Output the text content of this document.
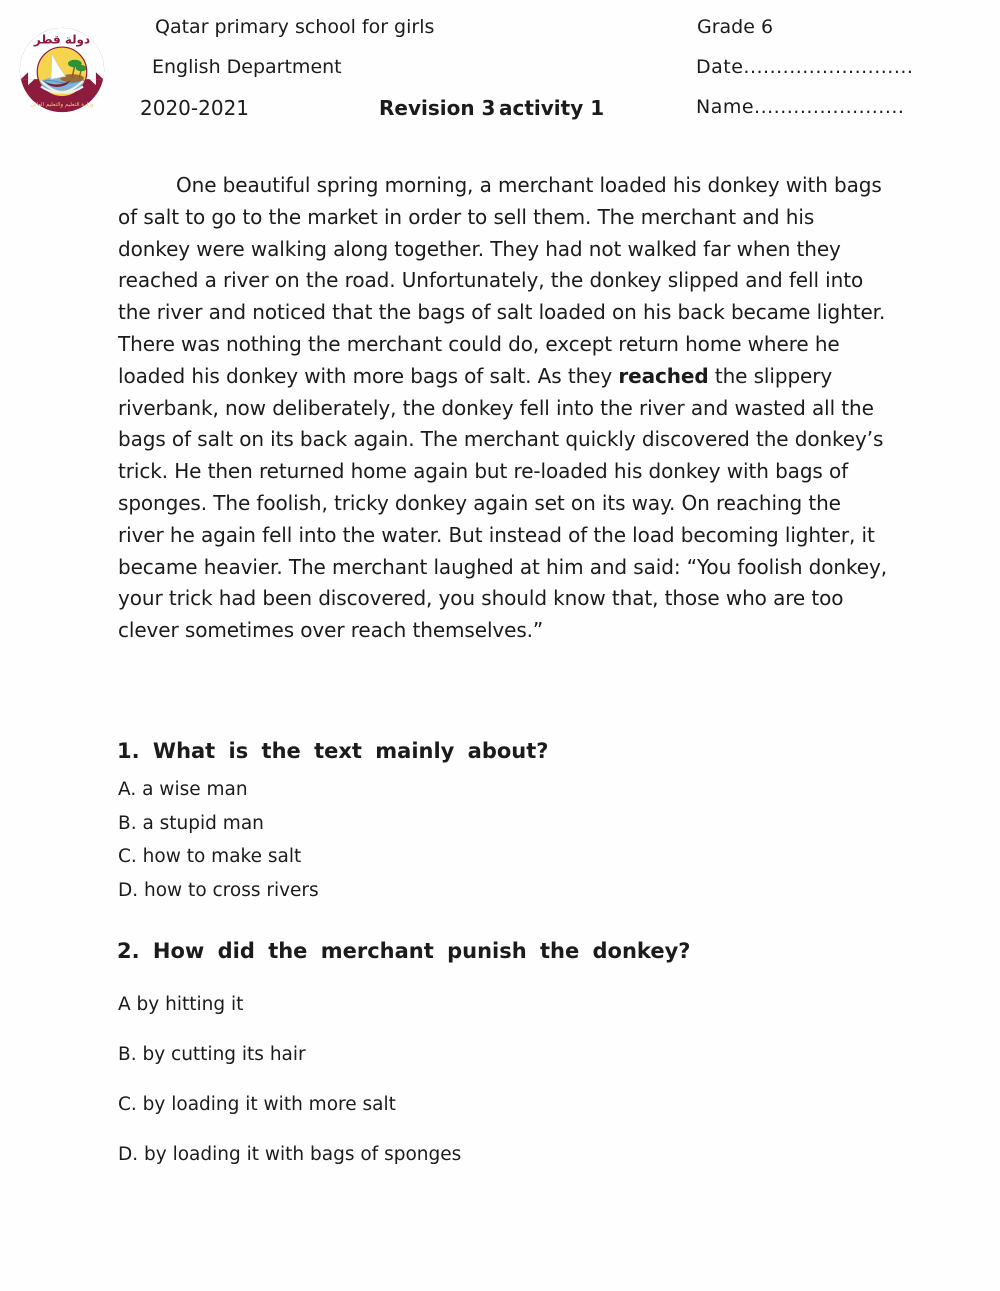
دولة قطر
وزارة التعليم والتعليم العالي
Qatar primary school for girls
English Department
2020-2021	Revision 3 activity 1
Grade 6
Date..........................
Name.......................
One beautiful spring morning, a merchant loaded his donkey with bags of salt to go to the market in order to sell them. The merchant and his donkey were walking along together. They had not walked far when they reached a river on the road. Unfortunately, the donkey slipped and fell into the river and noticed that the bags of salt loaded on his back became lighter. There was nothing the merchant could do, except return home where he loaded his donkey with more bags of salt. As they reached the slippery riverbank, now deliberately, the donkey fell into the river and wasted all the bags of salt on its back again. The merchant quickly discovered the donkey’s trick. He then returned home again but re-loaded his donkey with bags of sponges. The foolish, tricky donkey again set on its way. On reaching the river he again fell into the water. But instead of the load becoming lighter, it became heavier. The merchant laughed at him and said: “You foolish donkey, your trick had been discovered, you should know that, those who are too clever sometimes over reach themselves.”
1. What is the text mainly about?
A. a wise man
B. a stupid man
C. how to make salt
D. how to cross rivers
2. How did the merchant punish the donkey?
A by hitting it
B. by cutting its hair
C. by loading it with more salt
D. by loading it with bags of sponges
